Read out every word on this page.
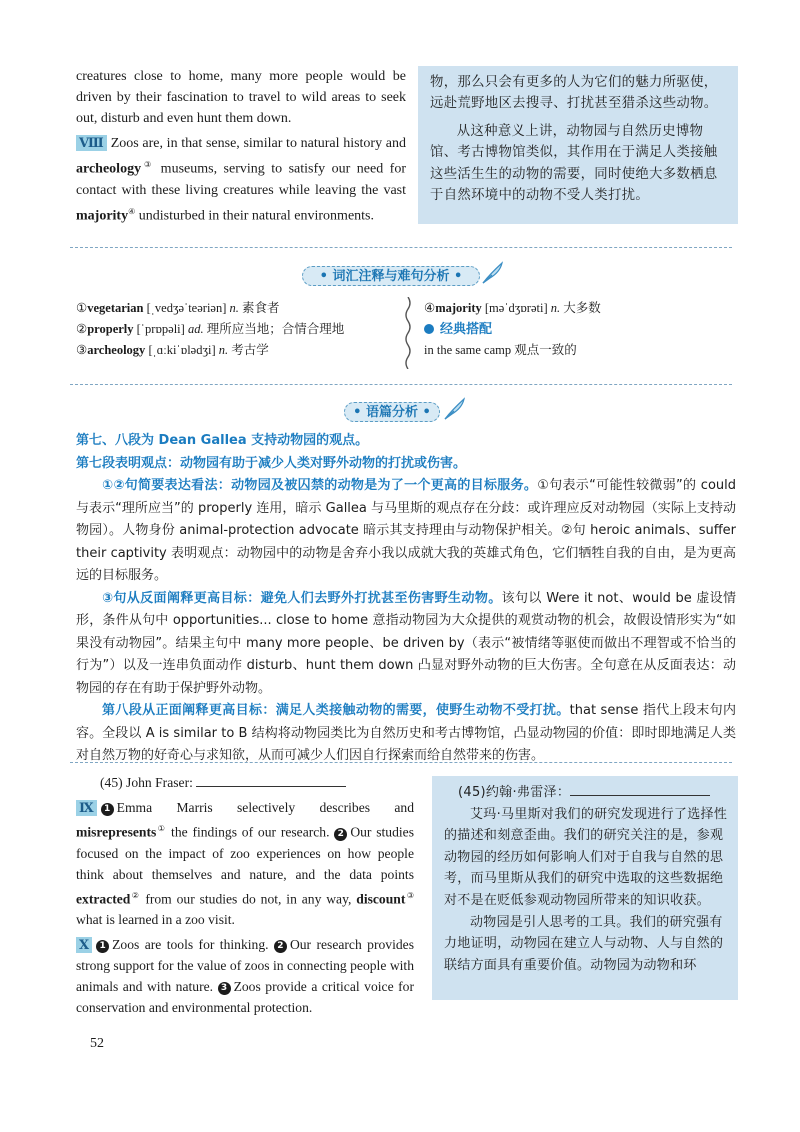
creatures close to home, many more people would be driven by their fascination to travel to wild areas to seek out, disturb and even hunt them down.

Ⅷ Zoos are, in that sense, similar to natural history and archeology③ museums, serving to satisfy our need for contact with these living creatures while leaving the vast majority④ undisturbed in their natural environments.

物，那么只会有更多的人为它们的魅力所驱使，远赴荒野地区去搜寻、打扰甚至猎杀这些动物。

从这种意义上讲，动物园与自然历史博物馆、考古博物馆类似，其作用在于满足人类接触这些活生生的动物的需要，同时使绝大多数栖息于自然环境中的动物不受人类打扰。

• 词汇注释与难句分析 •
①vegetarian [ˌvedʒəˈteəriən] n. 素食者
②properly [ˈprɒpəli] ad. 理所应当地；合情合理地
③archeology [ˌɑːkiˈɒlədʒi] n. 考古学
④majority [məˈdʒɒrəti] n. 大多数
经典搭配
in the same camp 观点一致的
• 语篇分析 •

第七、八段为 Dean Gallea 支持动物园的观点。

第七段表明观点：动物园有助于减少人类对野外动物的打扰或伤害。

①②句简要表达看法：动物园及被囚禁的动物是为了一个更高的目标服务。①句表示“可能性较微弱”的 could 与表示“理所应当”的 properly 连用，暗示 Gallea 与马里斯的观点存在分歧：或许理应反对动物园（实际上支持动物园）。人物身份 animal-protection advocate 暗示其支持理由与动物保护相关。②句 heroic animals、suffer their captivity 表明观点：动物园中的动物是舍弃小我以成就大我的英雄式角色，它们牺牲自我的自由，是为更高远的目标服务。

③句从反面阐释更高目标：避免人们去野外打扰甚至伤害野生动物。该句以 Were it not、would be 虚设情形，条件从句中 opportunities... close to home 意指动物园为大众提供的观赏动物的机会，故假设情形实为“如果没有动物园”。结果主句中 many more people、be driven by（表示“被情绪等驱使而做出不理智或不恰当的行为”）以及一连串负面动作 disturb、hunt them down 凸显对野外动物的巨大伤害。全句意在从反面表达：动物园的存在有助于保护野外动物。

第八段从正面阐释更高目标：满足人类接触动物的需要，使野生动物不受打扰。that sense 指代上段末句内容。全段以 A is similar to B 结构将动物园类比为自然历史和考古博物馆，凸显动物园的价值：即时即地满足人类对自然万物的好奇心与求知欲，从而可减少人们因自行探索而给自然带来的伤害。

(45) John Fraser:

Ⅸ 1 Emma Marris selectively describes and misrepresents① the findings of our research. 2 Our studies focused on the impact of zoo experiences on how people think about themselves and nature, and the data points extracted② from our studies do not, in any way, discount③ what is learned in a zoo visit.

Ⅹ 1 Zoos are tools for thinking. 2 Our research provides strong support for the value of zoos in connecting people with animals and with nature. 3 Zoos provide a critical voice for conservation and environmental protection.

(45)约翰·弗雷泽：

艾玛·马里斯对我们的研究发现进行了选择性的描述和刻意歪曲。我们的研究关注的是，参观动物园的经历如何影响人们对于自我与自然的思考，而马里斯从我们的研究中选取的这些数据绝对不是在贬低参观动物园所带来的知识收获。

动物园是引人思考的工具。我们的研究强有力地证明，动物园在建立人与动物、人与自然的联结方面具有重要价值。动物园为动物和环

52
